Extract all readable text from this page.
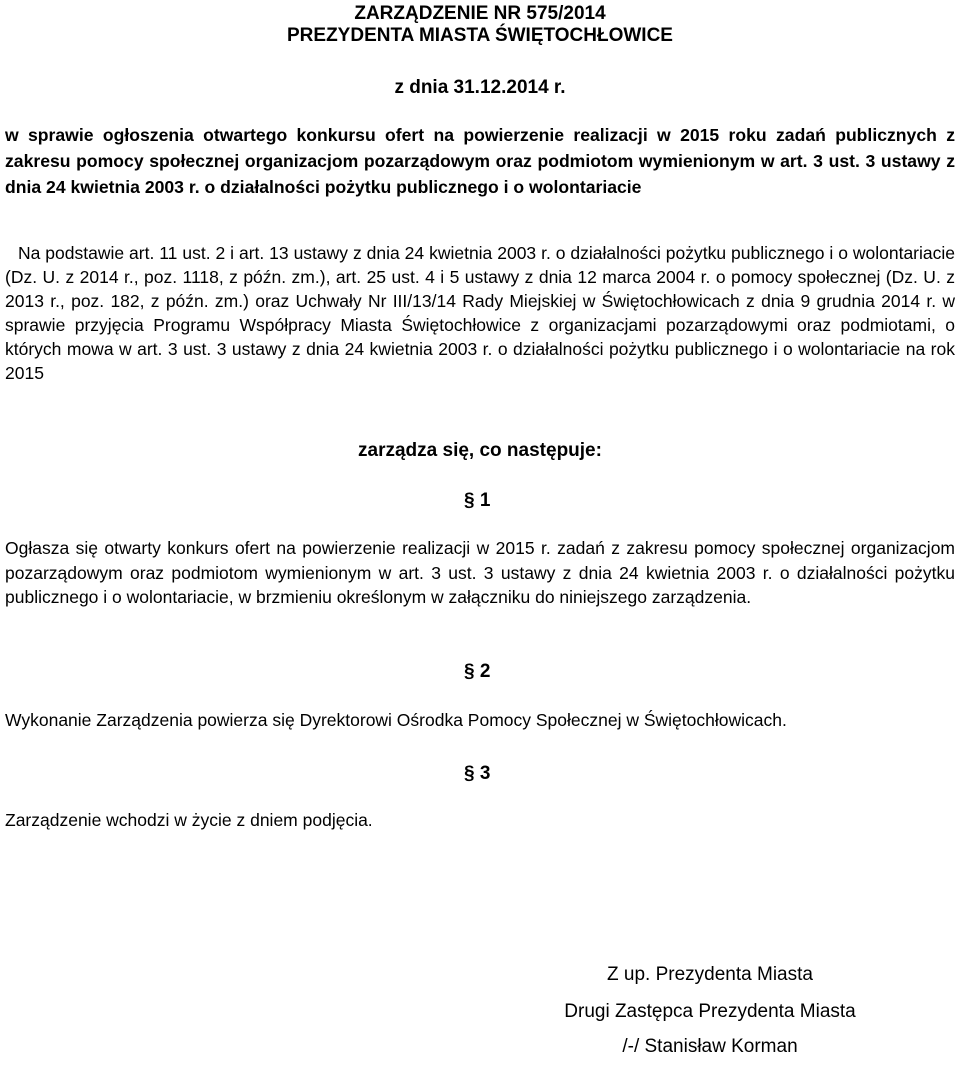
ZARZĄDZENIE NR 575/2014
PREZYDENTA MIASTA ŚWIĘTOCHŁOWICE
z dnia 31.12.2014 r.
w sprawie ogłoszenia otwartego konkursu ofert na powierzenie realizacji w 2015 roku zadań publicznych z zakresu pomocy społecznej organizacjom pozarządowym oraz podmiotom wymienionym w art. 3 ust. 3 ustawy z dnia 24 kwietnia 2003 r. o działalności pożytku publicznego i o wolontariacie
Na podstawie art. 11 ust. 2 i art. 13 ustawy z dnia 24 kwietnia 2003 r. o działalności pożytku publicznego i o wolontariacie (Dz. U. z 2014 r., poz. 1118, z późn. zm.), art. 25 ust. 4 i 5 ustawy z dnia 12 marca 2004 r. o pomocy społecznej (Dz. U. z 2013 r., poz. 182, z późn. zm.) oraz Uchwały Nr III/13/14 Rady Miejskiej w Świętochłowicach z dnia 9 grudnia 2014 r. w sprawie przyjęcia Programu Współpracy Miasta Świętochłowice z organizacjami pozarządowymi oraz podmiotami, o których mowa w art. 3 ust. 3 ustawy z dnia 24 kwietnia 2003 r. o działalności pożytku publicznego i o wolontariacie na rok 2015
zarządza się, co następuje:
§ 1
Ogłasza się otwarty konkurs ofert na powierzenie realizacji w 2015 r. zadań z zakresu pomocy społecznej organizacjom pozarządowym oraz podmiotom wymienionym w art. 3 ust. 3 ustawy z dnia 24 kwietnia 2003 r. o działalności pożytku publicznego i o wolontariacie, w brzmieniu określonym w załączniku do niniejszego zarządzenia.
§ 2
Wykonanie Zarządzenia powierza się Dyrektorowi Ośrodka Pomocy Społecznej w Świętochłowicach.
§ 3
Zarządzenie wchodzi w życie z dniem podjęcia.
Z up. Prezydenta Miasta
Drugi Zastępca Prezydenta Miasta
/-/ Stanisław Korman
